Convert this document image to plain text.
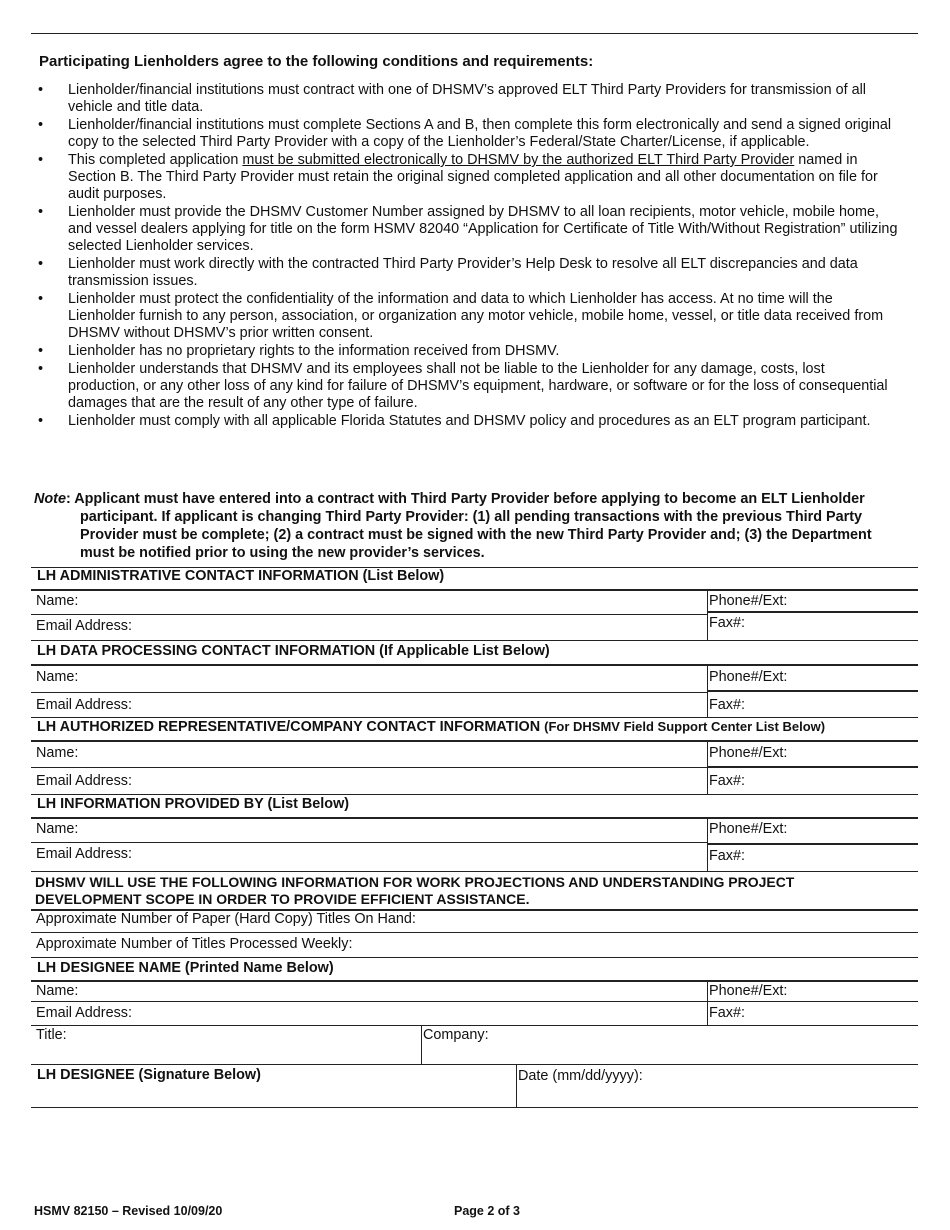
Participating Lienholders agree to the following conditions and requirements:
• Lienholder/financial institutions must contract with one of DHSMV’s approved ELT Third Party Providers for transmission of all vehicle and title data.
• Lienholder/financial institutions must complete Sections A and B, then complete this form electronically and send a signed original copy to the selected Third Party Provider with a copy of the Lienholder’s Federal/State Charter/License, if applicable.
• This completed application must be submitted electronically to DHSMV by the authorized ELT Third Party Provider named in Section B. The Third Party Provider must retain the original signed completed application and all other documentation on file for audit purposes.
• Lienholder must provide the DHSMV Customer Number assigned by DHSMV to all loan recipients, motor vehicle, mobile home, and vessel dealers applying for title on the form HSMV 82040 “Application for Certificate of Title With/Without Registration” utilizing selected Lienholder services.
• Lienholder must work directly with the contracted Third Party Provider’s Help Desk to resolve all ELT discrepancies and data transmission issues.
• Lienholder must protect the confidentiality of the information and data to which Lienholder has access. At no time will the Lienholder furnish to any person, association, or organization any motor vehicle, mobile home, vessel, or title data received from DHSMV without DHSMV’s prior written consent.
• Lienholder has no proprietary rights to the information received from DHSMV.
• Lienholder understands that DHSMV and its employees shall not be liable to the Lienholder for any damage, costs, lost production, or any other loss of any kind for failure of DHSMV’s equipment, hardware, or software or for the loss of consequential damages that are the result of any other type of failure.
• Lienholder must comply with all applicable Florida Statutes and DHSMV policy and procedures as an ELT program participant.
Note: Applicant must have entered into a contract with Third Party Provider before applying to become an ELT Lienholder participant. If applicant is changing Third Party Provider: (1) all pending transactions with the previous Third Party Provider must be complete; (2) a contract must be signed with the new Third Party Provider and; (3) the Department must be notified prior to using the new provider’s services.
LH ADMINISTRATIVE CONTACT INFORMATION (List Below)
Name:	Phone#/Ext:
Email Address:	Fax#:
LH DATA PROCESSING CONTACT INFORMATION (If Applicable List Below)
Name:	Phone#/Ext:
Email Address:	Fax#:
LH AUTHORIZED REPRESENTATIVE/COMPANY CONTACT INFORMATION (For DHSMV Field Support Center List Below)
Name:	Phone#/Ext:
Email Address:	Fax#:
LH INFORMATION PROVIDED BY (List Below)
Name:	Phone#/Ext:
Email Address:	Fax#:
DHSMV WILL USE THE FOLLOWING INFORMATION FOR WORK PROJECTIONS AND UNDERSTANDING PROJECT DEVELOPMENT SCOPE IN ORDER TO PROVIDE EFFICIENT ASSISTANCE.
Approximate Number of Paper (Hard Copy) Titles On Hand:
Approximate Number of Titles Processed Weekly:
LH DESIGNEE NAME (Printed Name Below)
Name:	Phone#/Ext:
Email Address:	Fax#:
Title:	Company:
LH DESIGNEE (Signature Below)	Date (mm/dd/yyyy):
HSMV 82150 – Revised 10/09/20	Page 2 of 3
